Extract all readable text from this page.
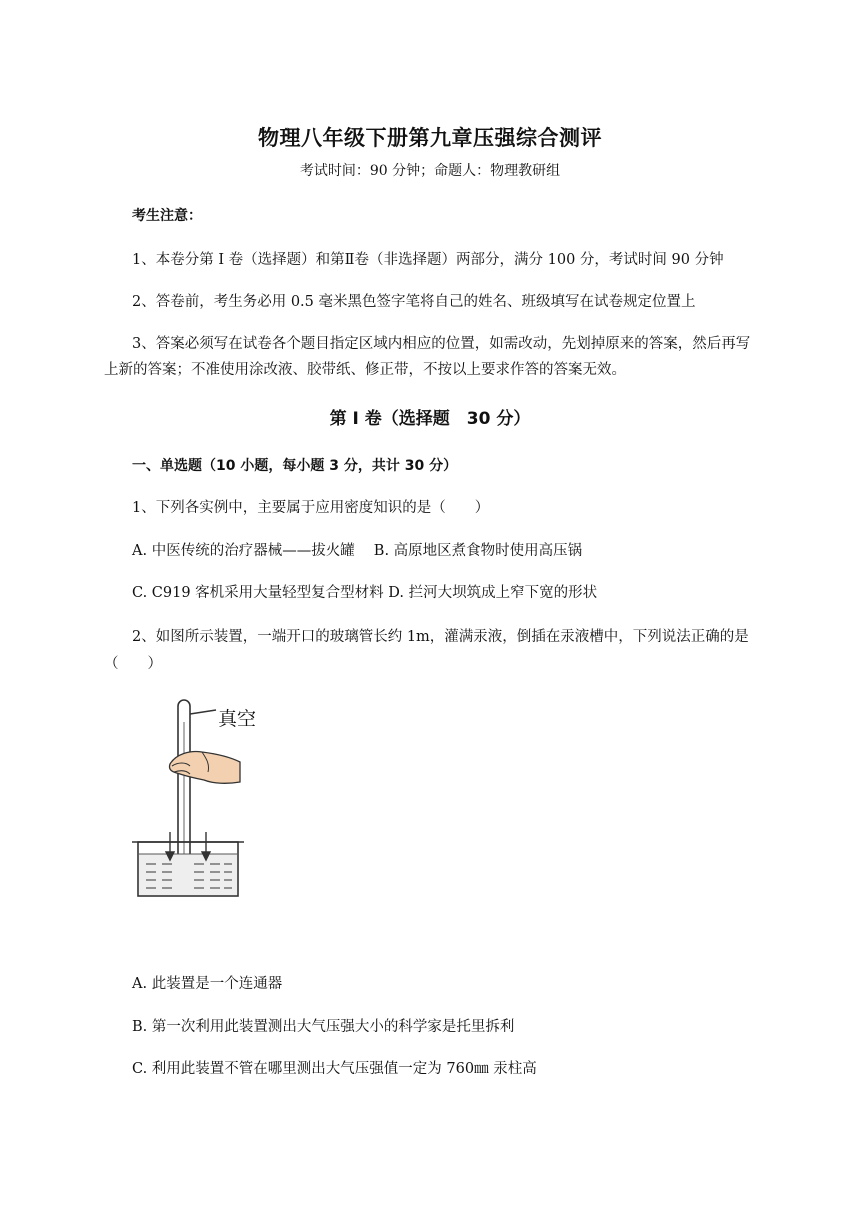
物理八年级下册第九章压强综合测评
考试时间：90 分钟；命题人：物理教研组
考生注意：
1、本卷分第 I 卷（选择题）和第Ⅱ卷（非选择题）两部分，满分 100 分，考试时间 90 分钟
2、答卷前，考生务必用 0.5 毫米黑色签字笔将自己的姓名、班级填写在试卷规定位置上
3、答案必须写在试卷各个题目指定区域内相应的位置，如需改动，先划掉原来的答案，然后再写
上新的答案；不准使用涂改液、胶带纸、修正带，不按以上要求作答的答案无效。
第 I 卷（选择题　30 分）
一、单选题（10 小题，每小题 3 分，共计 30 分）
1、下列各实例中，主要属于应用密度知识的是（　　）
A. 中医传统的治疗器械——拔火罐　 B. 高原地区煮食物时使用高压锅
C. C919 客机采用大量轻型复合型材料 D. 拦河大坝筑成上窄下宽的形状
2、如图所示装置，一端开口的玻璃管长约 1m，灌满汞液，倒插在汞液槽中，下列说法正确的是
（　　）
真空
A. 此装置是一个连通器
B. 第一次利用此装置测出大气压强大小的科学家是托里拆利
C. 利用此装置不管在哪里测出大气压强值一定为 760㎜ 汞柱高
